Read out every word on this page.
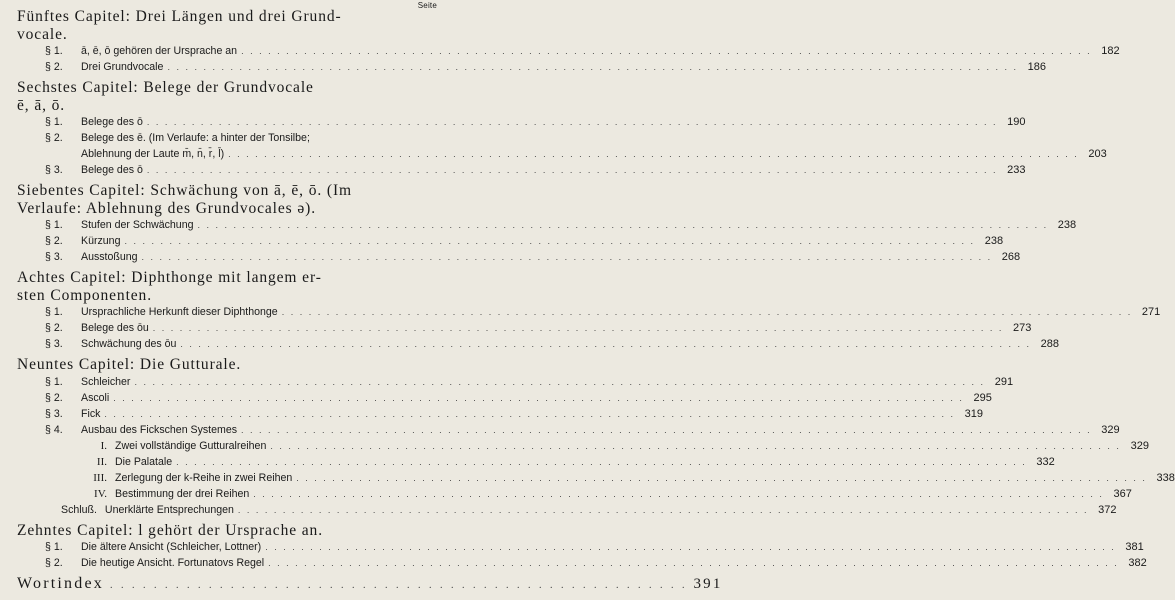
Seite
Fünftes Capitel: Drei Längen und drei Grund-
vocale.
§ 1.	ā, ē, ō gehören der Ursprache an . . .	182
§ 2.	Drei Grundvocale . . .	186
Sechstes Capitel: Belege der Grundvocale
ē, ā, ō.
§ 1.	Belege des ō . . .	190
§ 2.	Belege des ē. (Im Verlaufe: a hinter der Tonsilbe;
Ablehnung der Laute m̄, n̄, r̄, l̄) . . .	203
§ 3.	Belege des ō . . .	233
Siebentes Capitel: Schwächung von ā, ē, ō. (Im
Verlaufe: Ablehnung des Grundvocales ə).
§ 1.	Stufen der Schwächung . . .	238
§ 2.	Kürzung . . .	238
§ 3.	Ausstoßung . . .	268
Achtes Capitel: Diphthonge mit langem er-
sten Componenten.
§ 1.	Ursprachliche Herkunft dieser Diphthonge . . .	271
§ 2.	Belege des ōu . . .	273
§ 3.	Schwächung des ōu . . .	288
Neuntes Capitel: Die Gutturale.
§ 1.	Schleicher . . .	291
§ 2.	Ascoli . . .	295
§ 3.	Fick . . .	319
§ 4.	Ausbau des Fickschen Systemes . . .	329
I. Zwei vollständige Gutturalreihen . . .	329
II. Die Palatale . . .	332
III. Zerlegung der k-Reihe in zwei Reihen . . .	338
IV. Bestimmung der drei Reihen . . .	367
Schluß. Unerklärte Entsprechungen . . .	372
Zehntes Capitel: l gehört der Ursprache an.
§ 1.	Die ältere Ansicht (Schleicher, Lottner) . . .	381
§ 2.	Die heutige Ansicht. Fortunatovs Regel . . .	382
Wortindex . . .	391
